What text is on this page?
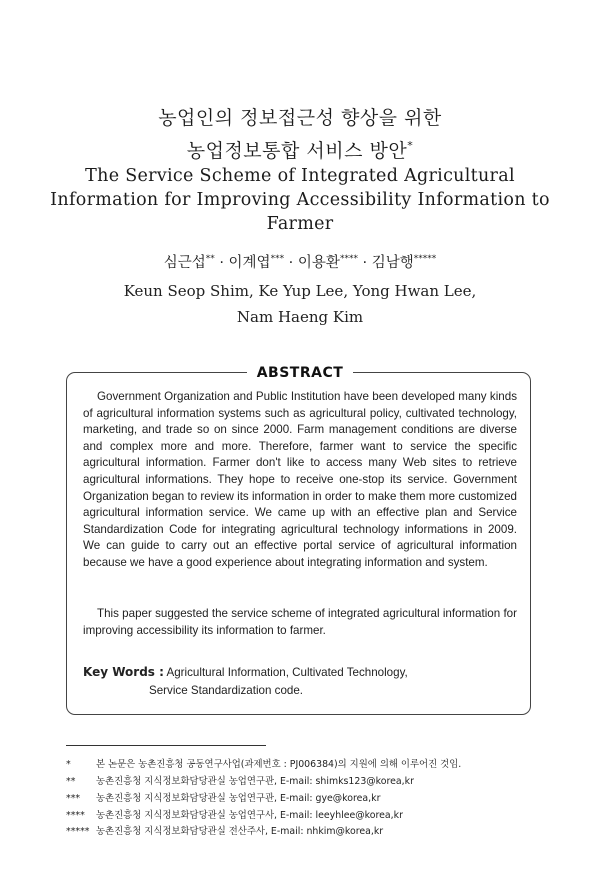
농업인의 정보접근성 향상을 위한
농업정보통합 서비스 방안*
The Service Scheme of Integrated Agricultural
Information for Improving Accessibility Information to
Farmer
심근섭** · 이계엽*** · 이용환**** · 김남행*****
Keun Seop Shim, Ke Yup Lee, Yong Hwan Lee,
Nam Haeng Kim
ABSTRACT
Government Organization and Public Institution have been developed many kinds of agricultural information systems such as agricultural policy, cultivated technology, marketing, and trade so on since 2000. Farm management conditions are diverse and complex more and more. Therefore, farmer want to service the specific agricultural information. Farmer don't like to access many Web sites to retrieve agricultural informations. They hope to receive one-stop its service. Government Organization began to review its information in order to make them more customized agricultural information service. We came up with an effective plan and Service Standardization Code for integrating agricultural technology informations in 2009. We can guide to carry out an effective portal service of agricultural information because we have a good experience about integrating information and system.
This paper suggested the service scheme of integrated agricultural information for improving accessibility its information to farmer.
Key Words : Agricultural Information, Cultivated Technology,
Service Standardization code.
*	본 논문은 농촌진흥청 공동연구사업(과제번호 : PJ006384)의 지원에 의해 이루어진 것임.
** 농촌진흥청 지식정보화담당관실 농업연구관, E-mail: shimks123@korea,kr
*** 농촌진흥청 지식정보화담당관실 농업연구관, E-mail: gye@korea,kr
**** 농촌진흥청 지식정보화담당관실 농업연구사, E-mail: leeyhlee@korea,kr
***** 농촌진흥청 지식정보화담당관실 전산주사, E-mail: nhkim@korea,kr
